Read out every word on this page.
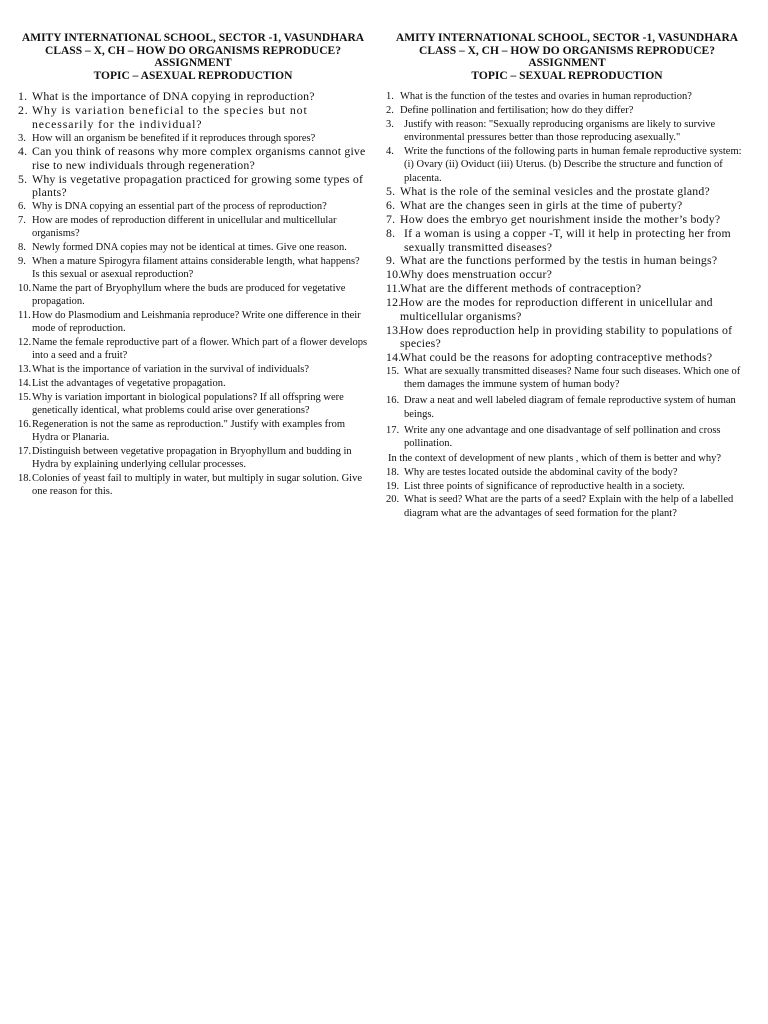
AMITY INTERNATIONAL SCHOOL, SECTOR -1, VASUNDHARA
CLASS – X, CH – HOW DO ORGANISMS REPRODUCE?
ASSIGNMENT
TOPIC – ASEXUAL REPRODUCTION
1. What is the importance of DNA copying in reproduction?
2. Why is variation beneficial to the species but not necessarily for the individual?
3. How will an organism be benefited if it reproduces through spores?
4. Can you think of reasons why more complex organisms cannot give rise to new individuals through regeneration?
5. Why is vegetative propagation practiced for growing some types of plants?
6. Why is DNA copying an essential part of the process of reproduction?
7. How are modes of reproduction different in unicellular and multicellular organisms?
8. Newly formed DNA copies may not be identical at times. Give one reason.
9. When a mature Spirogyra filament attains considerable length, what happens? Is this sexual or asexual reproduction?
10. Name the part of Bryophyllum where the buds are produced for vegetative propagation.
11. How do Plasmodium and Leishmania reproduce? Write one difference in their mode of reproduction.
12. Name the female reproductive part of a flower. Which part of a flower develops into a seed and a fruit?
13. What is the importance of variation in the survival of individuals?
14. List the advantages of vegetative propagation.
15. Why is variation important in biological populations? If all offspring were genetically identical, what problems could arise over generations?
16. Regeneration is not the same as reproduction." Justify with examples from Hydra or Planaria.
17. Distinguish between vegetative propagation in Bryophyllum and budding in Hydra by explaining underlying cellular processes.
18. Colonies of yeast fail to multiply in water, but multiply in sugar solution. Give one reason for this.
AMITY INTERNATIONAL SCHOOL, SECTOR -1, VASUNDHARA
CLASS – X, CH – HOW DO ORGANISMS REPRODUCE?
ASSIGNMENT
TOPIC – SEXUAL REPRODUCTION
1. What is the function of the testes and ovaries in human reproduction?
2. Define pollination and fertilisation; how do they differ?
3. Justify with reason: "Sexually reproducing organisms are likely to survive environmental pressures better than those reproducing asexually."
4. Write the functions of the following parts in human female reproductive system: (i) Ovary (ii) Oviduct (iii) Uterus. (b) Describe the structure and function of placenta.
5. What is the role of the seminal vesicles and the prostate gland?
6. What are the changes seen in girls at the time of puberty?
7. How does the embryo get nourishment inside the mother’s body?
8. If a woman is using a copper -T, will it help in protecting her from sexually transmitted diseases?
9. What are the functions performed by the testis in human beings?
10.
Why does menstruation occur?
11. What are the different methods of contraception?
12.
How are the modes for reproduction different in unicellular and multicellular organisms?
13.
How does reproduction help in providing stability to populations of species?
14.
What could be the reasons for adopting contraceptive methods?
15. What are sexually transmitted diseases? Name four such diseases. Which one of them damages the immune system of human body?
16. Draw a neat and well labeled diagram of female reproductive system of human beings.
17. Write any one advantage and one disadvantage of self pollination and cross pollination.
In the context of development of new plants , which of them is better and why?
18. Why are testes located outside the abdominal cavity of the body?
19. List three points of significance of reproductive health in a society.
20. What is seed? What are the parts of a seed? Explain with the help of a labelled diagram what are the advantages of seed formation for the plant?
